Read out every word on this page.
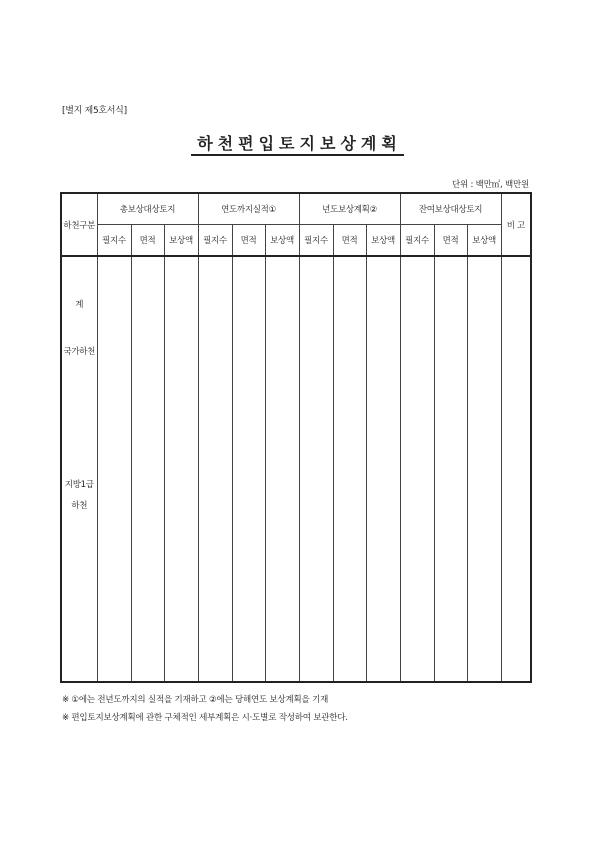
[별지 제5호서식]
하천편입토지보상계획
단위 : 백만㎡, 백만원
하천구분	총보상대상토지			연도까지실적①			년도보상계획②			잔여보상대상토지			비 고
	필지수	면적	보상액	필지수	면적	보상액	필지수	면적	보상액	필지수	면적	보상액	

계
국가하천
지방1급
하천													

※ ①에는 전년도까지의 실적을 기재하고 ②에는 당해연도 보상계획을 기재
※ 편입토지보상계획에 관한 구체적인 세부계획은 시·도별로 작성하여 보관한다.
